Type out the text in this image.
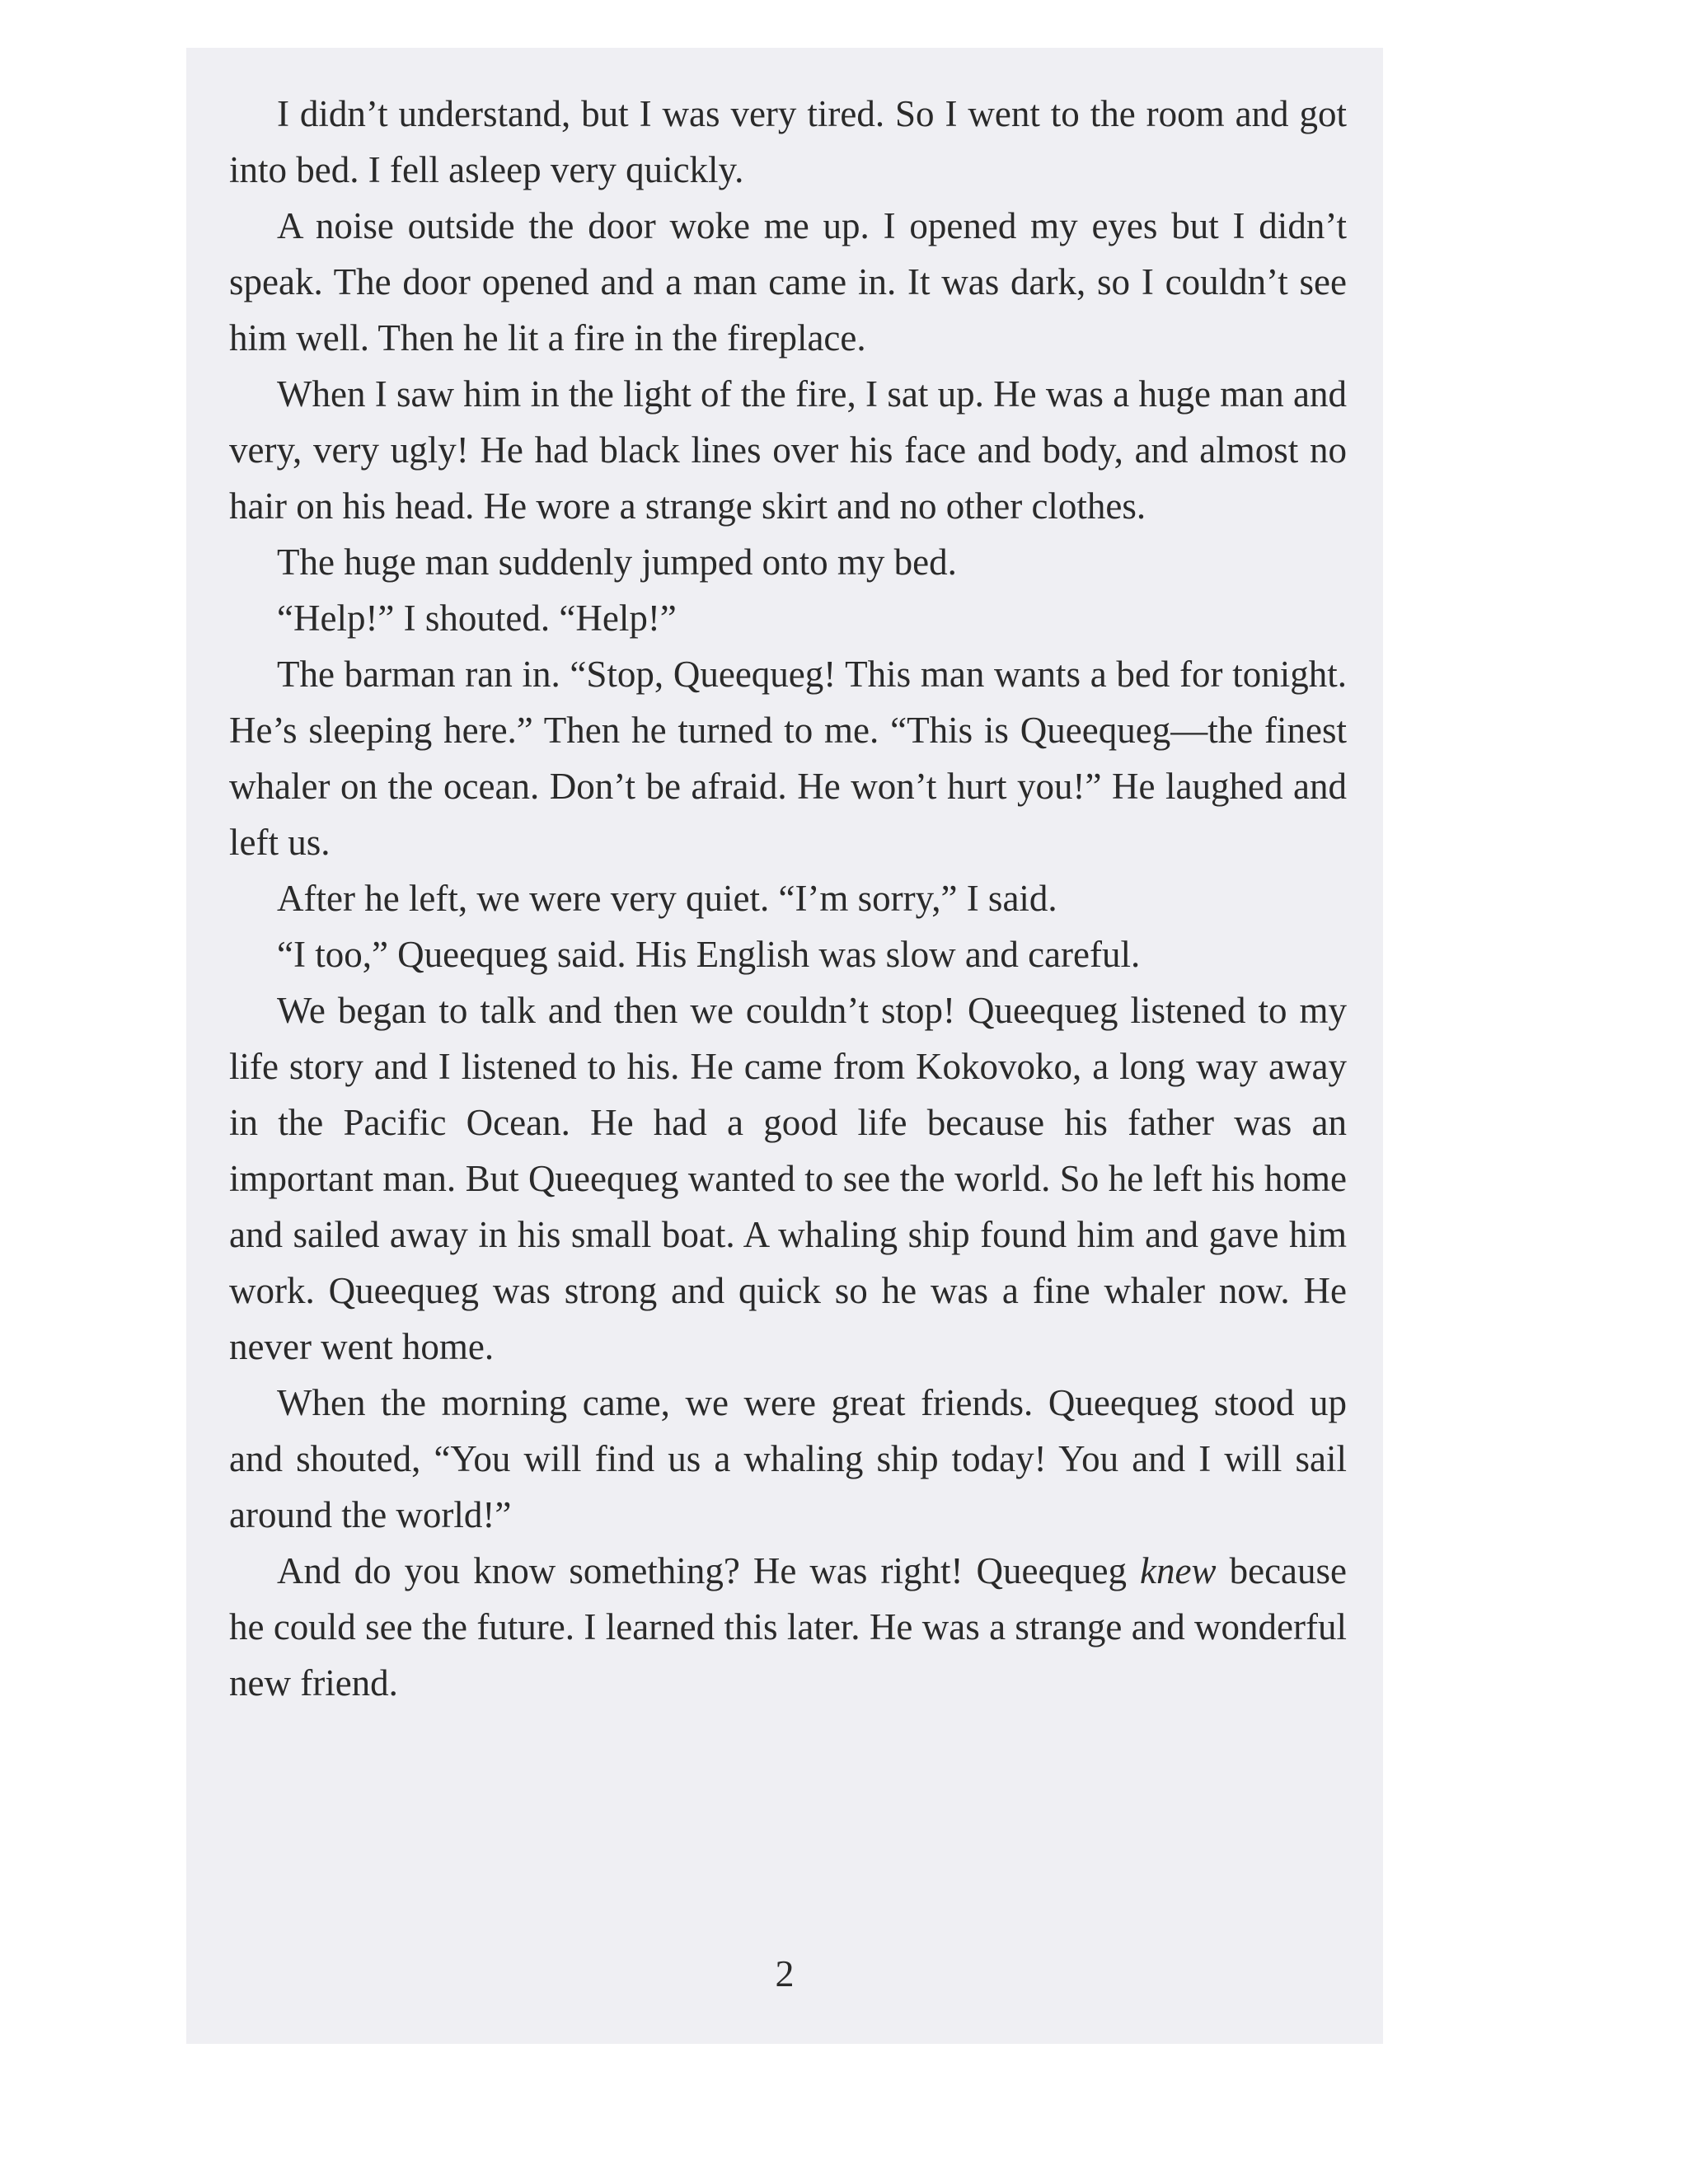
I didn’t understand, but I was very tired. So I went to the room and got into bed. I fell asleep very quickly.

A noise outside the door woke me up. I opened my eyes but I didn’t speak. The door opened and a man came in. It was dark, so I couldn’t see him well. Then he lit a fire in the fireplace.

When I saw him in the light of the fire, I sat up. He was a huge man and very, very ugly! He had black lines over his face and body, and almost no hair on his head. He wore a strange skirt and no other clothes.

The huge man suddenly jumped onto my bed.

“Help!” I shouted. “Help!”

The barman ran in. “Stop, Queequeg! This man wants a bed for tonight. He’s sleeping here.” Then he turned to me. “This is Queequeg—the finest whaler on the ocean. Don’t be afraid. He won’t hurt you!” He laughed and left us.

After he left, we were very quiet. “I’m sorry,” I said.

“I too,” Queequeg said. His English was slow and careful.

We began to talk and then we couldn’t stop! Queequeg listened to my life story and I listened to his. He came from Kokovoko, a long way away in the Pacific Ocean. He had a good life because his father was an important man. But Queequeg wanted to see the world. So he left his home and sailed away in his small boat. A whaling ship found him and gave him work. Queequeg was strong and quick so he was a fine whaler now. He never went home.

When the morning came, we were great friends. Queequeg stood up and shouted, “You will find us a whaling ship today! You and I will sail around the world!”

And do you know something? He was right! Queequeg knew because he could see the future. I learned this later. He was a strange and wonderful new friend.

2
